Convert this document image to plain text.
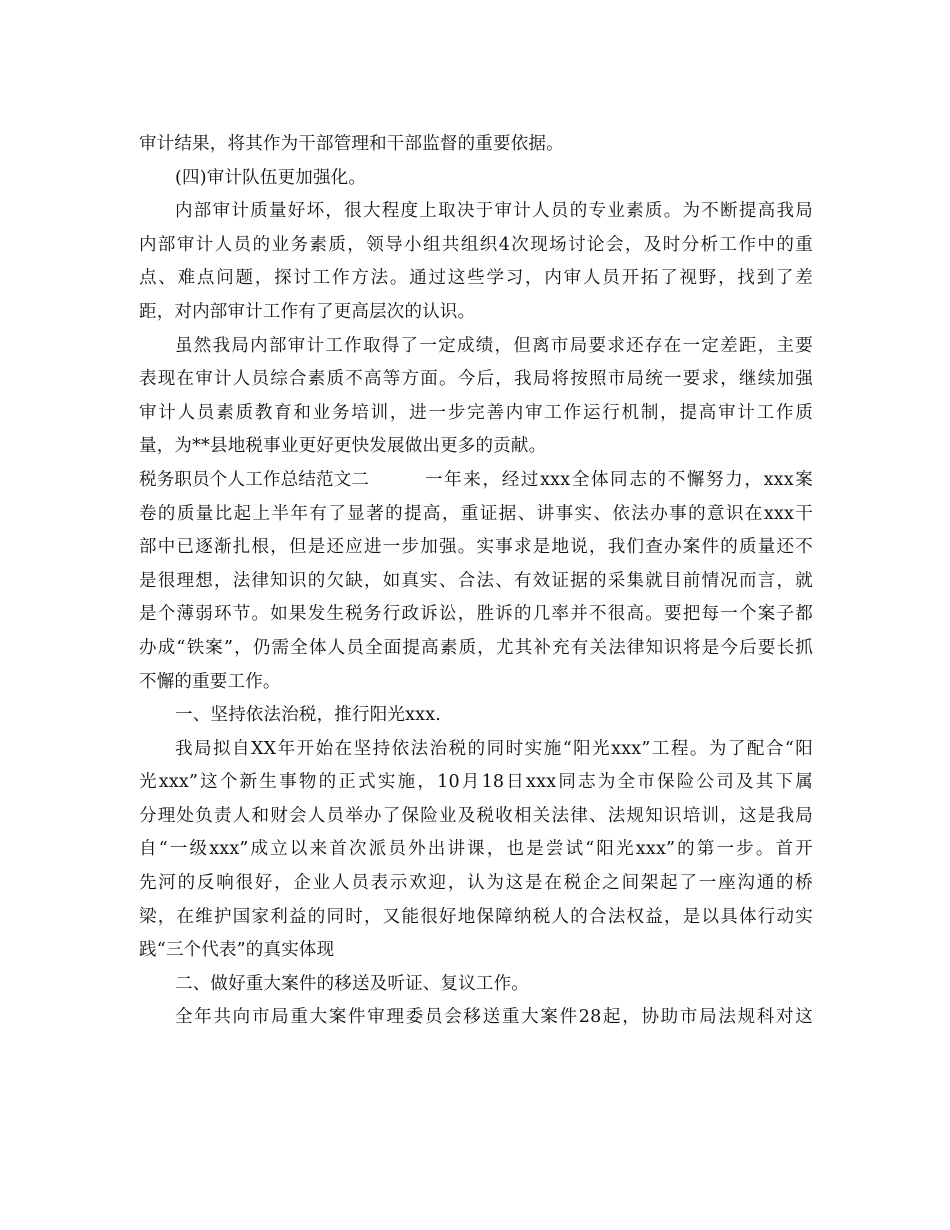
审计结果，将其作为干部管理和干部监督的重要依据。
(四)审计队伍更加强化。
内部审计质量好坏，很大程度上取决于审计人员的专业素质。为不断提高我局
内部审计人员的业务素质，领导小组共组织4次现场讨论会，及时分析工作中的重
点、难点问题，探讨工作方法。通过这些学习，内审人员开拓了视野，找到了差
距，对内部审计工作有了更高层次的认识。
虽然我局内部审计工作取得了一定成绩，但离市局要求还存在一定差距，主要
表现在审计人员综合素质不高等方面。今后，我局将按照市局统一要求，继续加强
审计人员素质教育和业务培训，进一步完善内审工作运行机制，提高审计工作质
量，为**县地税事业更好更快发展做出更多的贡献。
税务职员个人工作总结范文二	一年来，经过xxx全体同志的不懈努力，xxx案
卷的质量比起上半年有了显著的提高，重证据、讲事实、依法办事的意识在xxx干
部中已逐渐扎根，但是还应进一步加强。实事求是地说，我们查办案件的质量还不
是很理想，法律知识的欠缺，如真实、合法、有效证据的采集就目前情况而言，就
是个薄弱环节。如果发生税务行政诉讼，胜诉的几率并不很高。要把每一个案子都
办成“铁案”，仍需全体人员全面提高素质，尤其补充有关法律知识将是今后要长抓
不懈的重要工作。
一、坚持依法治税，推行阳光xxx.
我局拟自XX年开始在坚持依法治税的同时实施“阳光xxx”工程。为了配合“阳
光xxx”这个新生事物的正式实施，10月18日xxx同志为全市保险公司及其下属
分理处负责人和财会人员举办了保险业及税收相关法律、法规知识培训，这是我局
自“一级xxx”成立以来首次派员外出讲课，也是尝试“阳光xxx”的第一步。首开
先河的反响很好，企业人员表示欢迎，认为这是在税企之间架起了一座沟通的桥
梁，在维护国家利益的同时，又能很好地保障纳税人的合法权益，是以具体行动实
践“三个代表”的真实体现
二、做好重大案件的移送及听证、复议工作。
全年共向市局重大案件审理委员会移送重大案件28起，协助市局法规科对这
